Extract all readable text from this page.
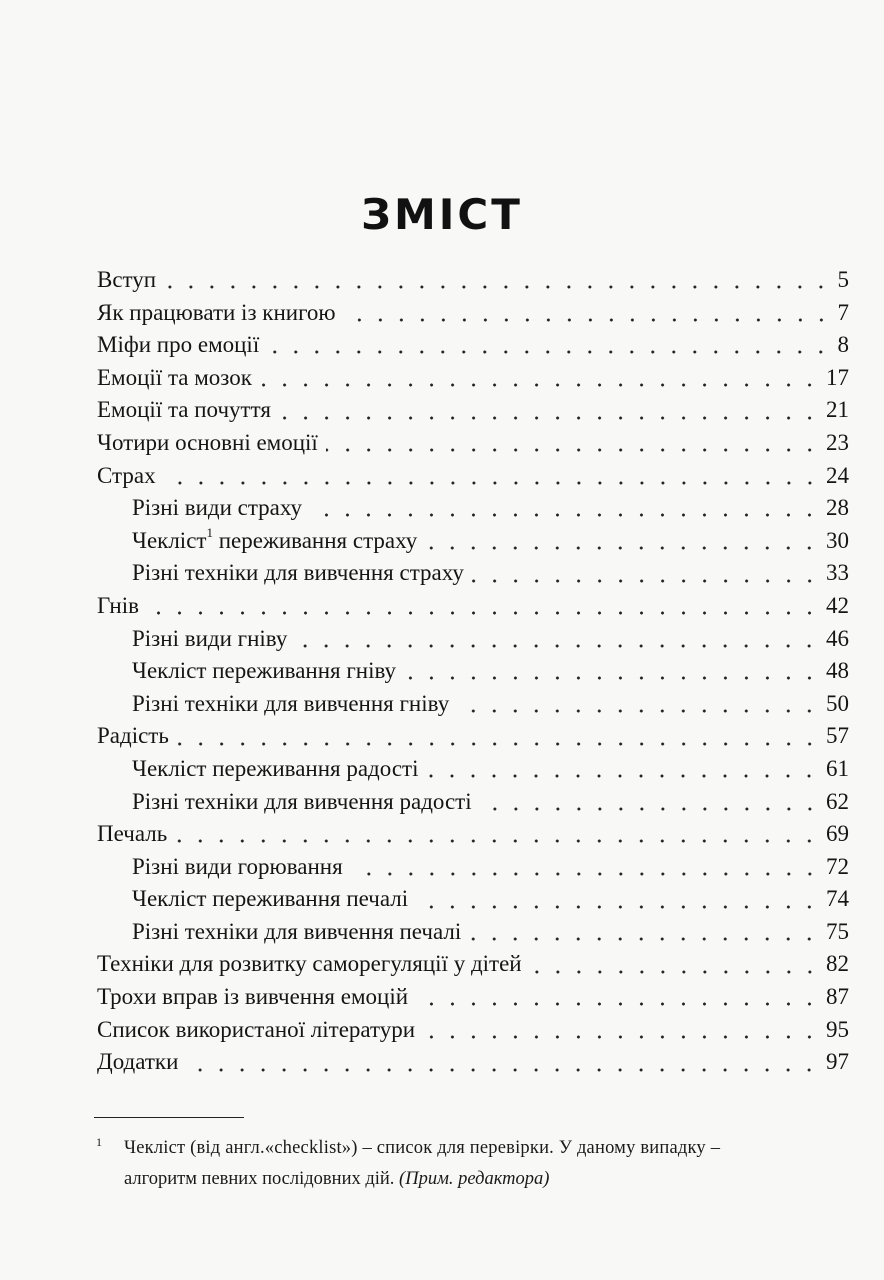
ЗМІСТ
Вступ	5
Як працювати із книгою	7
Міфи про емоції	8
Емоції та мозок	17
Емоції та почуття	21
Чотири основні емоції	23
Страх	24
Різні види страху	28
Чекліст$^1$ переживання страху	30
Різні техніки для вивчення страху	33
Гнів	42
Різні види гніву	46
Чекліст переживання гніву	48
Різні техніки для вивчення гніву	50
Радість	57
Чекліст переживання радості	61
Різні техніки для вивчення радості	62
Печаль	69
Різні види горювання	72
Чекліст переживання печалі	74
Різні техніки для вивчення печалі	75
Техніки для розвитку саморегуляції у дітей	82
Трохи вправ із вивчення емоцій	87
Список використаної літератури	95
Додатки	97
1	Чекліст (від англ.«checklist») – список для перевірки. У даному випадку –
алгоритм певних послідовних дій. (Прим. редактора)
